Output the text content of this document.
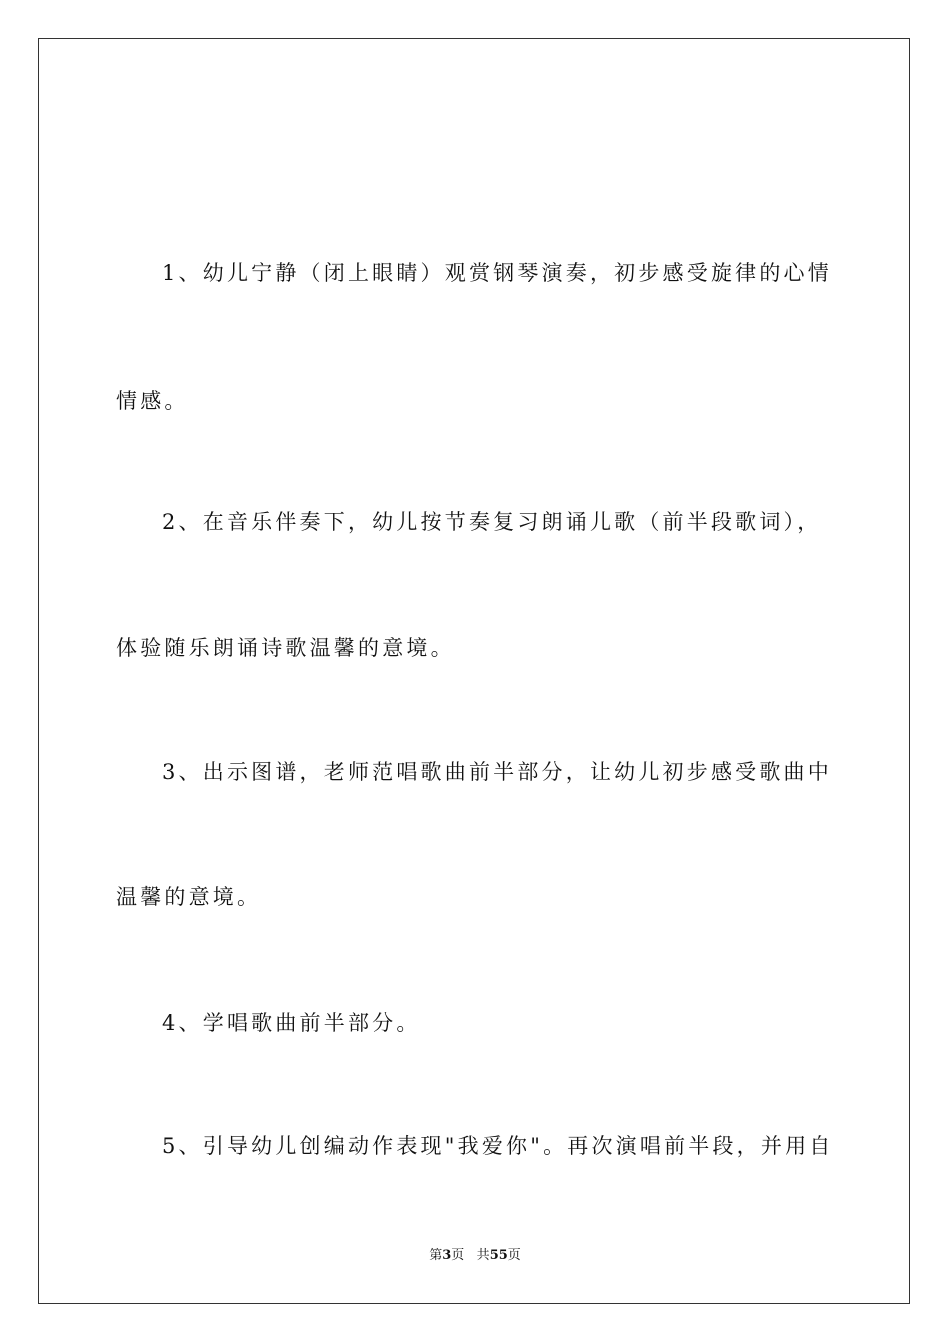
1、幼儿宁静（闭上眼睛）观赏钢琴演奏，初步感受旋律的心情
情感。
2、在音乐伴奏下，幼儿按节奏复习朗诵儿歌（前半段歌词），
体验随乐朗诵诗歌温馨的意境。
3、出示图谱，老师范唱歌曲前半部分，让幼儿初步感受歌曲中
温馨的意境。
4、学唱歌曲前半部分。
5、引导幼儿创编动作表现"我爱你"。再次演唱前半段，并用自
第3页 共55页
